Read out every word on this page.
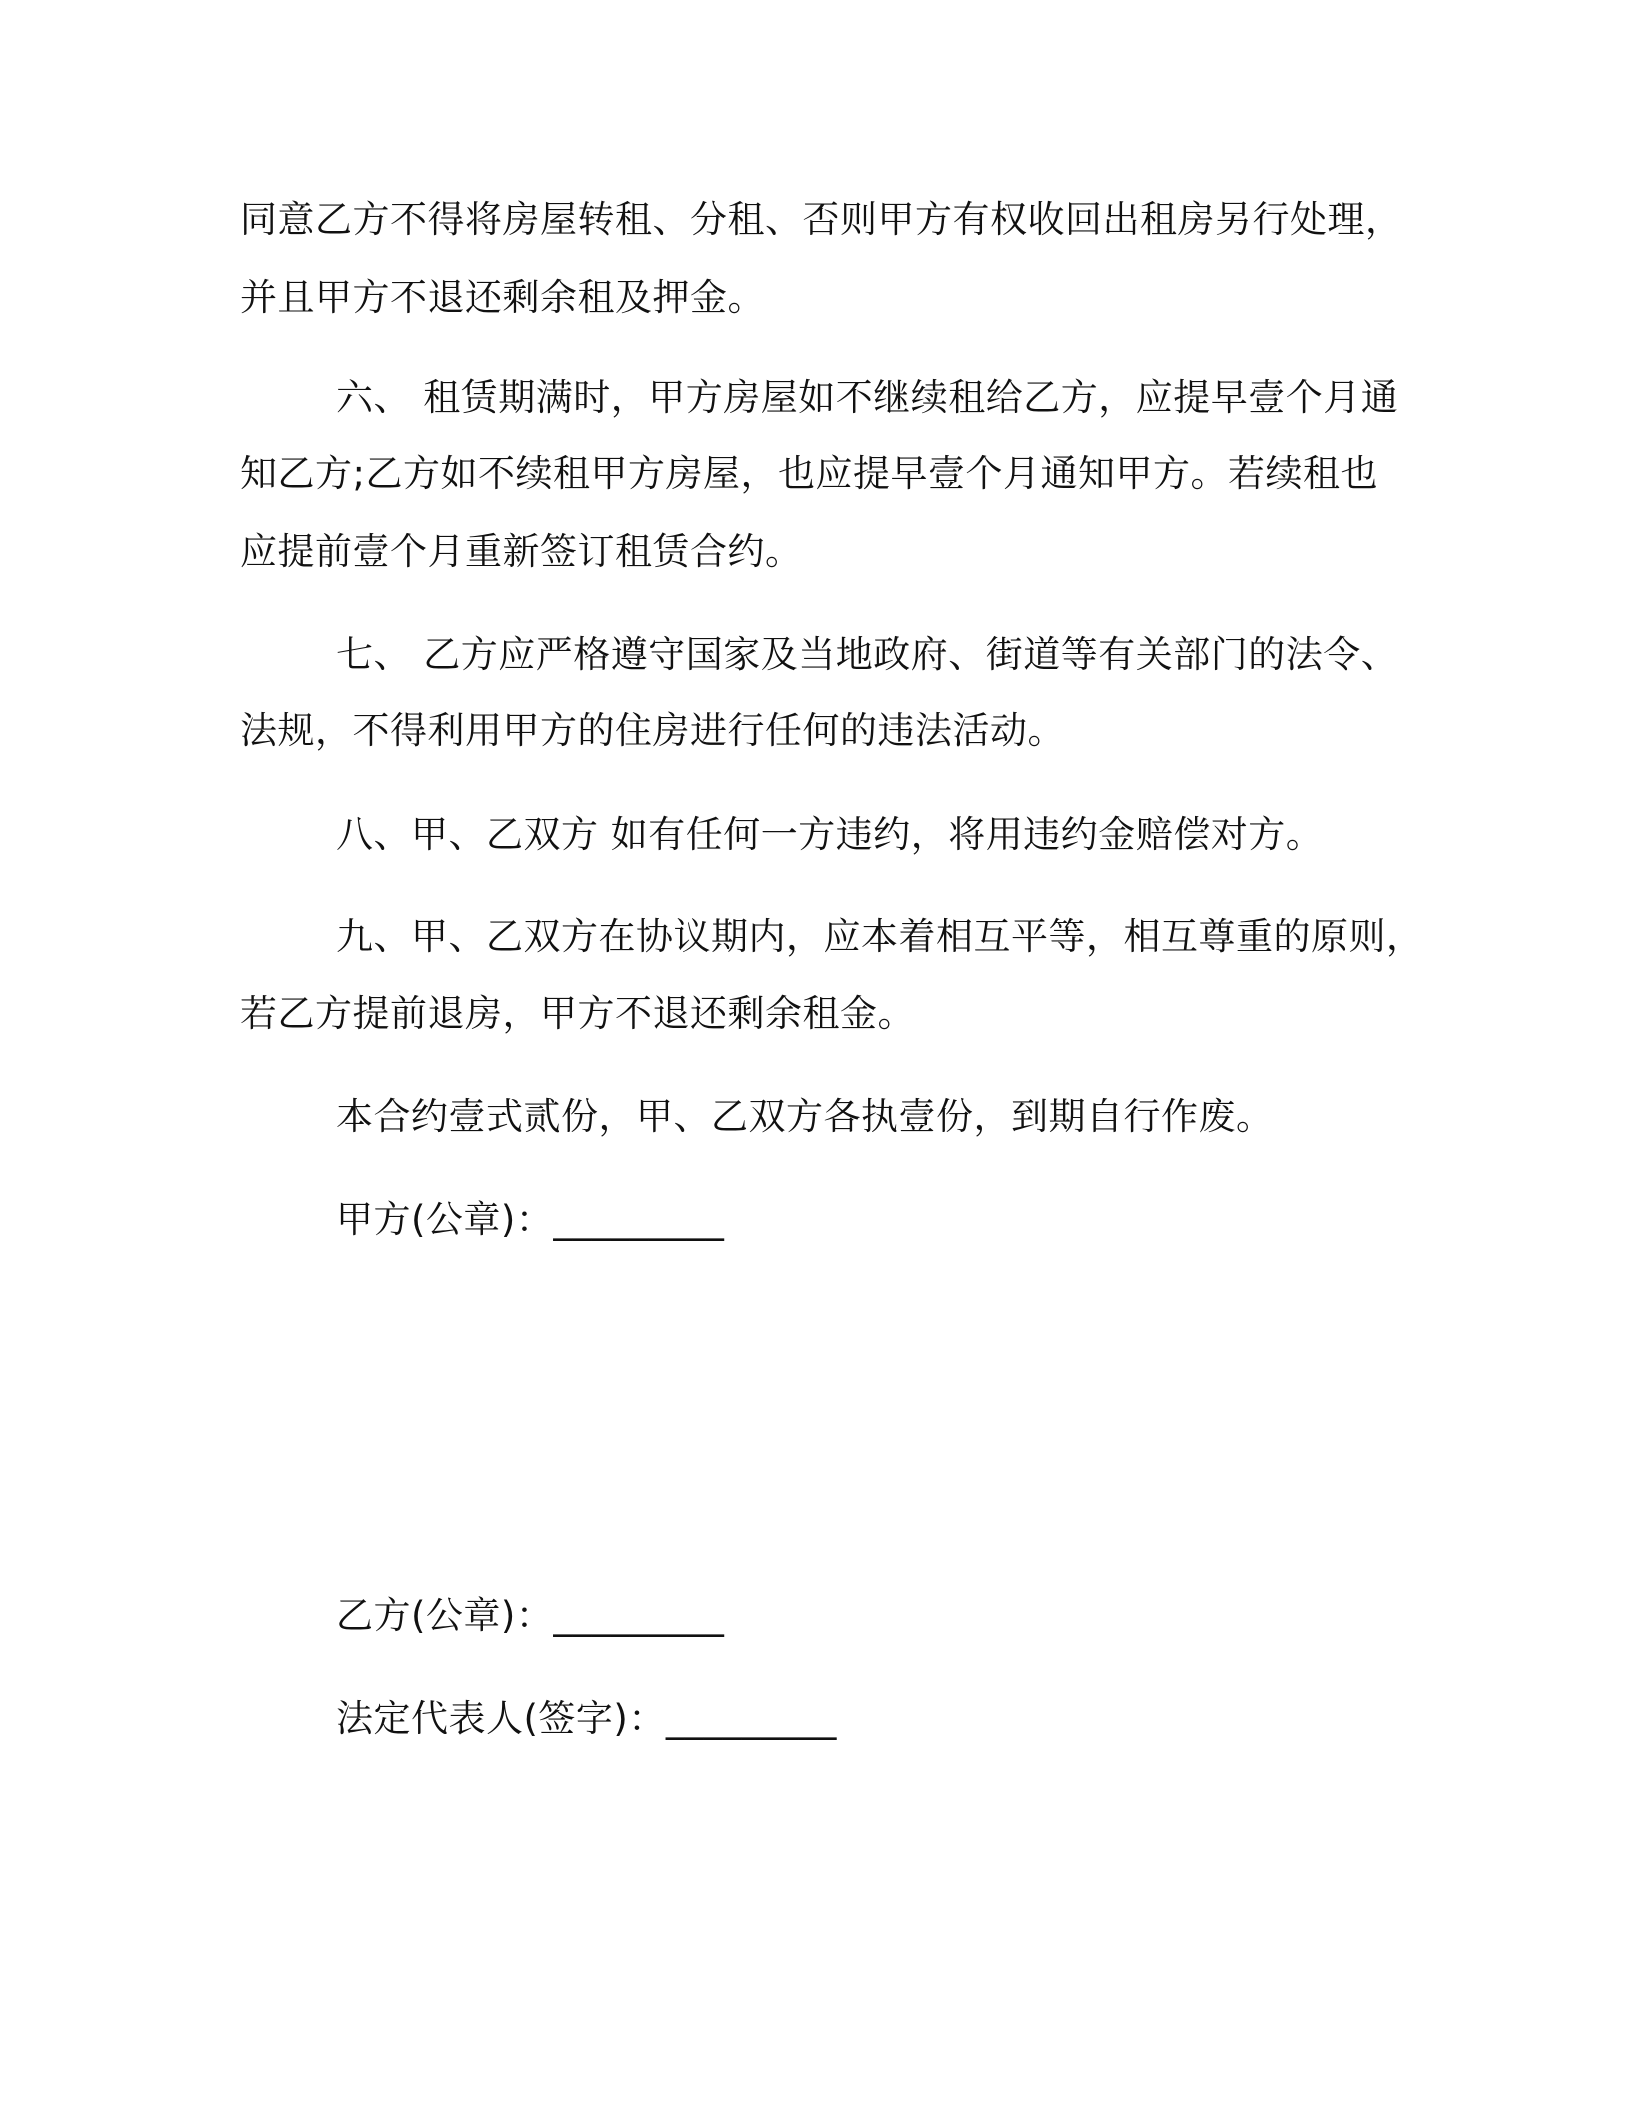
同意乙方不得将房屋转租、分租、否则甲方有权收回出租房另行处理，
并且甲方不退还剩余租及押金。
六、 租赁期满时，甲方房屋如不继续租给乙方，应提早壹个月通
知乙方;乙方如不续租甲方房屋，也应提早壹个月通知甲方。若续租也
应提前壹个月重新签订租赁合约。
七、 乙方应严格遵守国家及当地政府、街道等有关部门的法令、
法规，不得利用甲方的住房进行任何的违法活动。
八、甲、乙双方 如有任何一方违约，将用违约金赔偿对方。
九、甲、乙双方在协议期内，应本着相互平等，相互尊重的原则，
若乙方提前退房，甲方不退还剩余租金。
本合约壹式贰份，甲、乙双方各执壹份，到期自行作废。
甲方(公章)：_________
乙方(公章)：_________
法定代表人(签字)：_________
